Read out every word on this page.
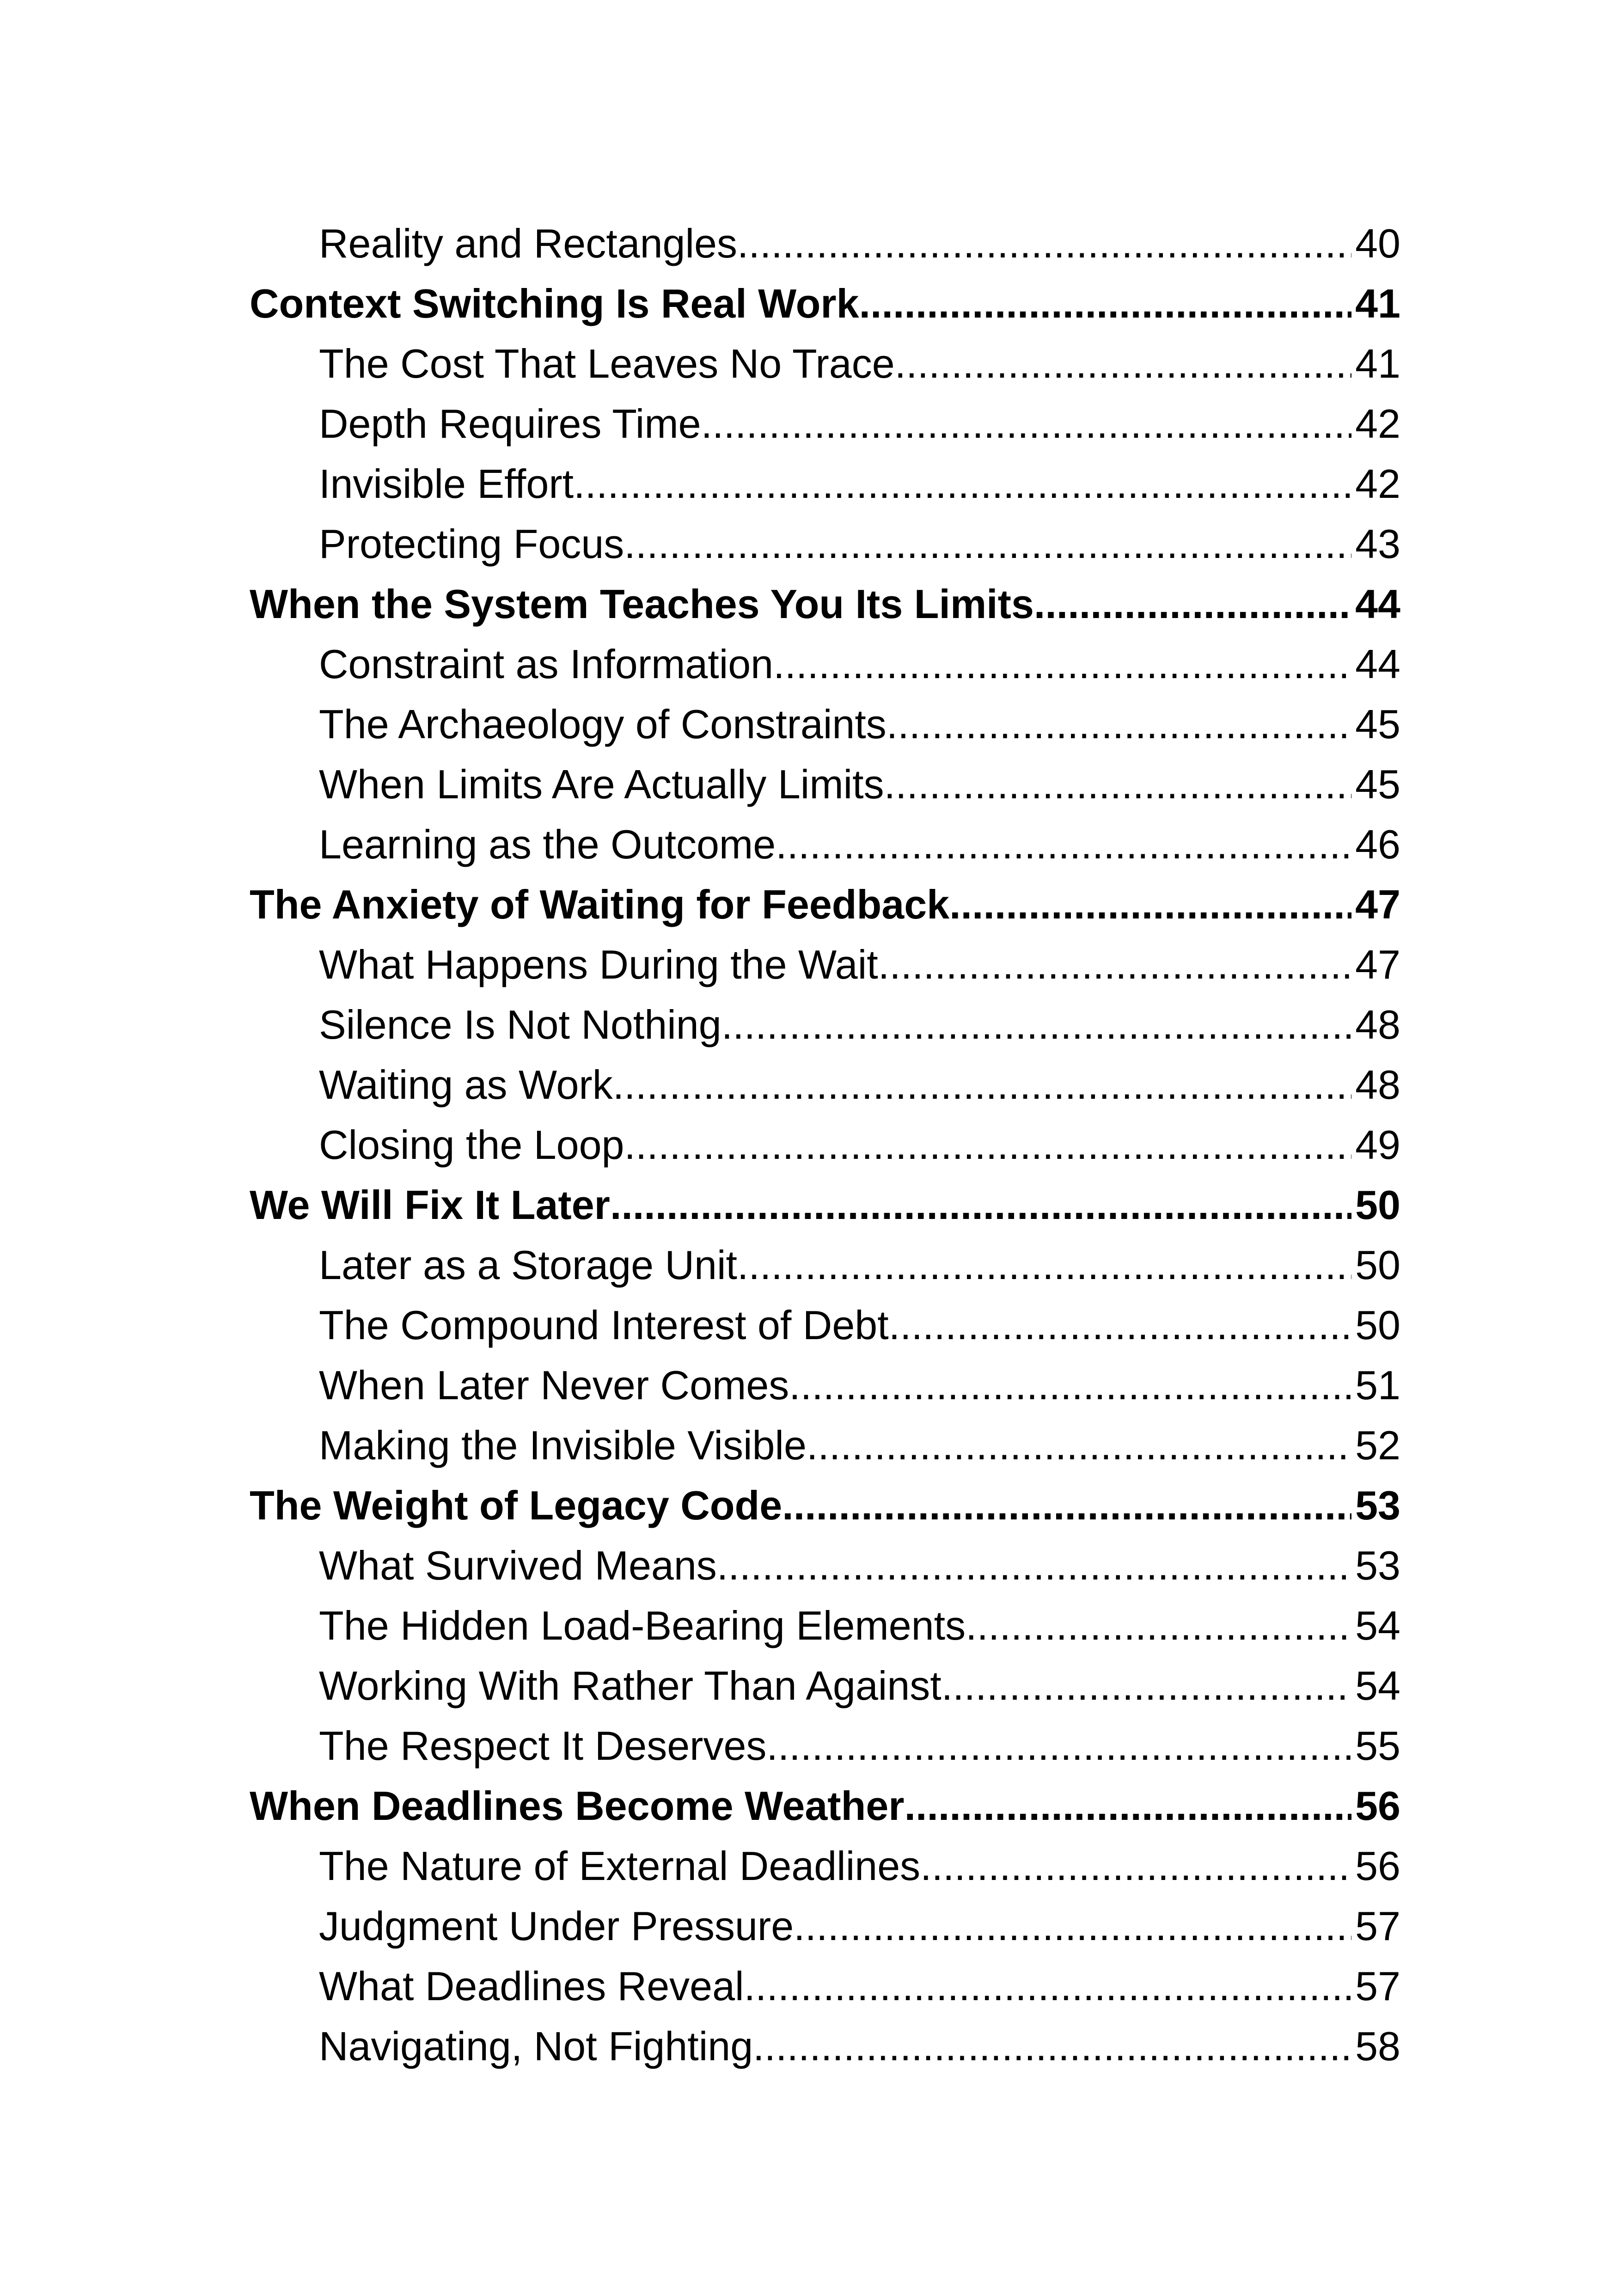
Reality and Rectangles .....	40
Context Switching Is Real Work .....	41
The Cost That Leaves No Trace .....	41
Depth Requires Time .....	42
Invisible Effort .....	42
Protecting Focus .....	43
When the System Teaches You Its Limits .....	44
Constraint as Information .....	44
The Archaeology of Constraints .....	45
When Limits Are Actually Limits .....	45
Learning as the Outcome .....	46
The Anxiety of Waiting for Feedback .....	47
What Happens During the Wait .....	47
Silence Is Not Nothing .....	48
Waiting as Work .....	48
Closing the Loop .....	49
We Will Fix It Later .....	50
Later as a Storage Unit .....	50
The Compound Interest of Debt .....	50
When Later Never Comes .....	51
Making the Invisible Visible .....	52
The Weight of Legacy Code .....	53
What Survived Means .....	53
The Hidden Load-Bearing Elements .....	54
Working With Rather Than Against .....	54
The Respect It Deserves .....	55
When Deadlines Become Weather .....	56
The Nature of External Deadlines .....	56
Judgment Under Pressure .....	57
What Deadlines Reveal .....	57
Navigating, Not Fighting .....	58
